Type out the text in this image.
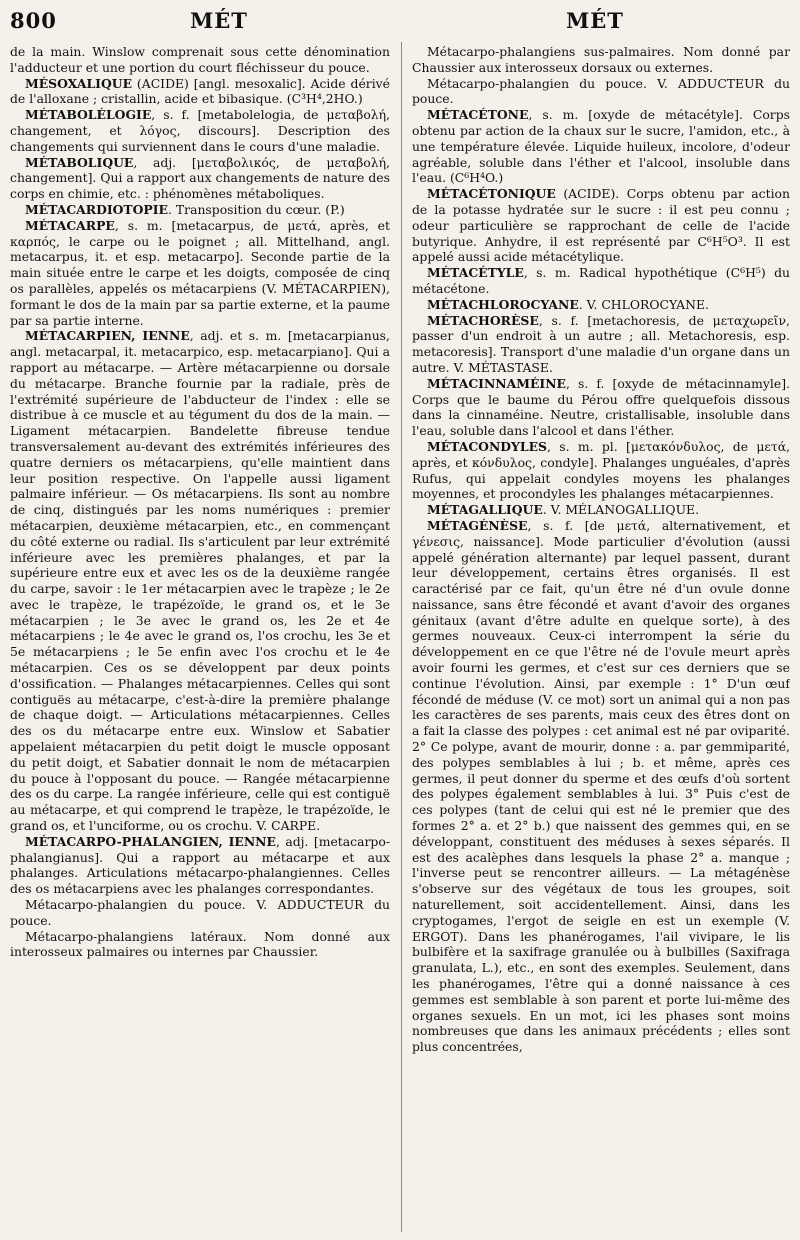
800	MÉT	MÉT

de la main. Winslow comprenait sous cette dénomination l'adducteur et une portion du court fléchisseur du pouce.

MÉSOXALIQUE (ACIDE) [angl. mesoxalic]. Acide dérivé de l'alloxane ; cristallin, acide et bibasique. (C³H⁴,2HO.)

MÉTABOLÉLOGIE, s. f. [metabolelogia, de μεταβολή, changement, et λόγος, discours]. Description des changements qui surviennent dans le cours d'une maladie.

MÉTABOLIQUE, adj. [μεταβολικός, de μεταβολή, changement]. Qui a rapport aux changements de nature des corps en chimie, etc. : phénomènes métaboliques.

MÉTACARDIOTOPIE. Transposition du cœur. (P.)

MÉTACARPE, s. m. [metacarpus, de μετά, après, et καρπός, le carpe ou le poignet ; all. Mittelhand, angl. metacarpus, it. et esp. metacarpo]. Seconde partie de la main située entre le carpe et les doigts, composée de cinq os parallèles, appelés os métacarpiens (V. MÉTACARPIEN), formant le dos de la main par sa partie externe, et la paume par sa partie interne.

MÉTACARPIEN, IENNE, adj. et s. m. [metacarpianus, angl. metacarpal, it. metacarpico, esp. metacarpiano]. Qui a rapport au métacarpe. — Artère métacarpienne ou dorsale du métacarpe. Branche fournie par la radiale, près de l'extrémité supérieure de l'abducteur de l'index : elle se distribue à ce muscle et au tégument du dos de la main. — Ligament métacarpien. Bandelette fibreuse tendue transversalement au-devant des extrémités inférieures des quatre derniers os métacarpiens, qu'elle maintient dans leur position respective. On l'appelle aussi ligament palmaire inférieur. — Os métacarpiens. Ils sont au nombre de cinq, distingués par les noms numériques : premier métacarpien, deuxième métacarpien, etc., en commençant du côté externe ou radial. Ils s'articulent par leur extrémité inférieure avec les premières phalanges, et par la supérieure entre eux et avec les os de la deuxième rangée du carpe, savoir : le 1er métacarpien avec le trapèze ; le 2e avec le trapèze, le trapézoïde, le grand os, et le 3e métacarpien ; le 3e avec le grand os, les 2e et 4e métacarpiens ; le 4e avec le grand os, l'os crochu, les 3e et 5e métacarpiens ; le 5e enfin avec l'os crochu et le 4e métacarpien. Ces os se développent par deux points d'ossification. — Phalanges métacarpiennes. Celles qui sont contiguës au métacarpe, c'est-à-dire la première phalange de chaque doigt. — Articulations métacarpiennes. Celles des os du métacarpe entre eux. Winslow et Sabatier appelaient métacarpien du petit doigt le muscle opposant du petit doigt, et Sabatier donnait le nom de métacarpien du pouce à l'opposant du pouce. — Rangée métacarpienne des os du carpe. La rangée inférieure, celle qui est contiguë au métacarpe, et qui comprend le trapèze, le trapézoïde, le grand os, et l'unciforme, ou os crochu. V. CARPE.

MÉTACARPO-PHALANGIEN, IENNE, adj. [metacarpo-phalangianus]. Qui a rapport au métacarpe et aux phalanges. Articulations métacarpo-phalangiennes. Celles des os métacarpiens avec les phalanges correspondantes.

Métacarpo-phalangien du pouce. V. ADDUCTEUR du pouce.

Métacarpo-phalangiens latéraux. Nom donné aux interosseux palmaires ou internes par Chaussier.

Métacarpo-phalangiens sus-palmaires. Nom donné par Chaussier aux interosseux dorsaux ou externes.

Métacarpo-phalangien du pouce. V. ADDUCTEUR du pouce.

MÉTACÉTONE, s. m. [oxyde de métacétyle]. Corps obtenu par action de la chaux sur le sucre, l'amidon, etc., à une température élevée. Liquide huileux, incolore, d'odeur agréable, soluble dans l'éther et l'alcool, insoluble dans l'eau. (C⁶H⁴O.)

MÉTACÉTONIQUE (ACIDE). Corps obtenu par action de la potasse hydratée sur le sucre : il est peu connu ; odeur particulière se rapprochant de celle de l'acide butyrique. Anhydre, il est représenté par C⁶H⁵O³. Il est appelé aussi acide métacétylique.

MÉTACÉTYLE, s. m. Radical hypothétique (C⁶H⁵) du métacétone.

MÉTACHLOROCYANE. V. CHLOROCYANE.

MÉTACHORÈSE, s. f. [metachoresis, de μεταχωρεῖν, passer d'un endroit à un autre ; all. Metachoresis, esp. metacoresis]. Transport d'une maladie d'un organe dans un autre. V. MÉTASTASE.

MÉTACINNAMÉINE, s. f. [oxyde de métacinnamyle]. Corps que le baume du Pérou offre quelquefois dissous dans la cinnaméine. Neutre, cristallisable, insoluble dans l'eau, soluble dans l'alcool et dans l'éther.

MÉTACONDYLES, s. m. pl. [μετακόνδυλος, de μετά, après, et κόνδυλος, condyle]. Phalanges unguéales, d'après Rufus, qui appelait condyles moyens les phalanges moyennes, et procondyles les phalanges métacarpiennes.

MÉTAGALLIQUE. V. MÉLANOGALLIQUE.

MÉTAGÉNÈSE, s. f. [de μετά, alternativement, et γένεσις, naissance]. Mode particulier d'évolution (aussi appelé génération alternante) par lequel passent, durant leur développement, certains êtres organisés. Il est caractérisé par ce fait, qu'un être né d'un ovule donne naissance, sans être fécondé et avant d'avoir des organes génitaux (avant d'être adulte en quelque sorte), à des germes nouveaux. Ceux-ci interrompent la série du développement en ce que l'être né de l'ovule meurt après avoir fourni les germes, et c'est sur ces derniers que se continue l'évolution. Ainsi, par exemple : 1° D'un œuf fécondé de méduse (V. ce mot) sort un animal qui a non pas les caractères de ses parents, mais ceux des êtres dont on a fait la classe des polypes : cet animal est né par oviparité. 2° Ce polype, avant de mourir, donne : a. par gemmiparité, des polypes semblables à lui ; b. et même, après ces germes, il peut donner du sperme et des œufs d'où sortent des polypes également semblables à lui. 3° Puis c'est de ces polypes (tant de celui qui est né le premier que des formes 2° a. et 2° b.) que naissent des gemmes qui, en se développant, constituent des méduses à sexes séparés. Il est des acalèphes dans lesquels la phase 2° a. manque ; l'inverse peut se rencontrer ailleurs. — La métagénèse s'observe sur des végétaux de tous les groupes, soit naturellement, soit accidentellement. Ainsi, dans les cryptogames, l'ergot de seigle en est un exemple (V. ERGOT). Dans les phanérogames, l'ail vivipare, le lis bulbifère et la saxifrage granulée ou à bulbilles (Saxifraga granulata, L.), etc., en sont des exemples. Seulement, dans les phanérogames, l'être qui a donné naissance à ces gemmes est semblable à son parent et porte lui-même des organes sexuels. En un mot, ici les phases sont moins nombreuses que dans les animaux précédents ; elles sont plus concentrées,
